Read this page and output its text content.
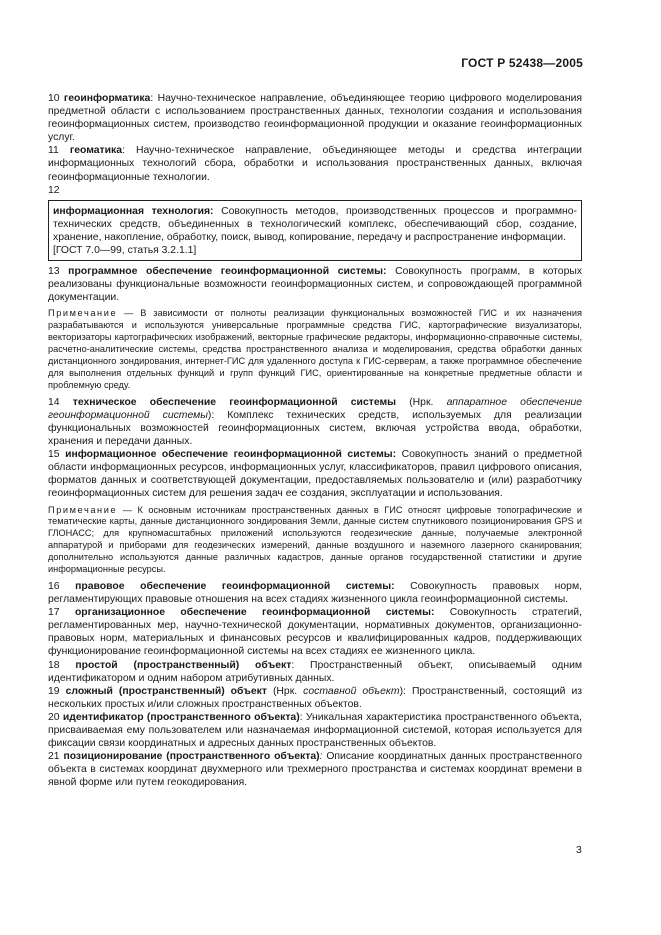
ГОСТ Р 52438—2005

10 геоинформатика: Научно-техническое направление, объединяющее теорию цифрового моделирования предметной области с использованием пространственных данных, технологии создания и использования геоинформационных систем, производство геоинформационной продукции и оказание геоинформационных услуг.

11 геоматика: Научно-техническое направление, объединяющее методы и средства интеграции информационных технологий сбора, обработки и использования пространственных данных, включая геоинформационные технологии.

12

информационная технология: Совокупность методов, производственных процессов и программно-технических средств, объединенных в технологический комплекс, обеспечивающий сбор, создание, хранение, накопление, обработку, поиск, вывод, копирование, передачу и распространение информации.

[ГОСТ 7.0—99, статья 3.2.1.1]

13 программное обеспечение геоинформационной системы: Совокупность программ, в которых реализованы функциональные возможности геоинформационных систем, и сопровождающей программной документации.

Примечание — В зависимости от полноты реализации функциональных возможностей ГИС и их назначения разрабатываются и используются универсальные программные средства ГИС, картографические визуализаторы, векторизаторы картографических изображений, векторные графические редакторы, информационно-справочные системы, расчетно-аналитические системы, средства пространственного анализа и моделирования, средства обработки данных дистанционного зондирования, интернет-ГИС для удаленного доступа к ГИС-серверам, а также программное обеспечение для выполнения отдельных функций и групп функций ГИС, ориентированные на конкретные предметные области и проблемную среду.

14 техническое обеспечение геоинформационной системы (Нрк. аппаратное обеспечение геоинформационной системы): Комплекс технических средств, используемых для реализации функциональных возможностей геоинформационных систем, включая устройства ввода, обработки, хранения и передачи данных.

15 информационное обеспечение геоинформационной системы: Совокупность знаний о предметной области информационных ресурсов, информационных услуг, классификаторов, правил цифрового описания, форматов данных и соответствующей документации, предоставляемых пользователю и (или) разработчику геоинформационных систем для решения задач ее создания, эксплуатации и использования.

Примечание — К основным источникам пространственных данных в ГИС относят цифровые топографические и тематические карты, данные дистанционного зондирования Земли, данные систем спутникового позиционирования GPS и ГЛОНАСС; для крупномасштабных приложений используются геодезические данные, получаемые электронной аппаратурой и приборами для геодезических измерений, данные воздушного и наземного лазерного сканирования; дополнительно используются данные различных кадастров, данные органов государственной статистики и другие информационные ресурсы.

16 правовое обеспечение геоинформационной системы: Совокупность правовых норм, регламентирующих правовые отношения на всех стадиях жизненного цикла геоинформационной системы.

17 организационное обеспечение геоинформационной системы: Совокупность стратегий, регламентированных мер, научно-технической документации, нормативных документов, организационно-правовых норм, материальных и финансовых ресурсов и квалифицированных кадров, поддерживающих функционирование геоинформационной системы на всех стадиях ее жизненного цикла.

18 простой (пространственный) объект: Пространственный объект, описываемый одним идентификатором и одним набором атрибутивных данных.

19 сложный (пространственный) объект (Нрк. составной объект): Пространственный, состоящий из нескольких простых и/или сложных пространственных объектов.

20 идентификатор (пространственного объекта): Уникальная характеристика пространственного объекта, присваиваемая ему пользователем или назначаемая информационной системой, которая используется для фиксации связи координатных и адресных данных пространственных объектов.

21 позиционирование (пространственного объекта): Описание координатных данных пространственного объекта в системах координат двухмерного или трехмерного пространства и системах координат времени в явной форме или путем геокодирования.

3
